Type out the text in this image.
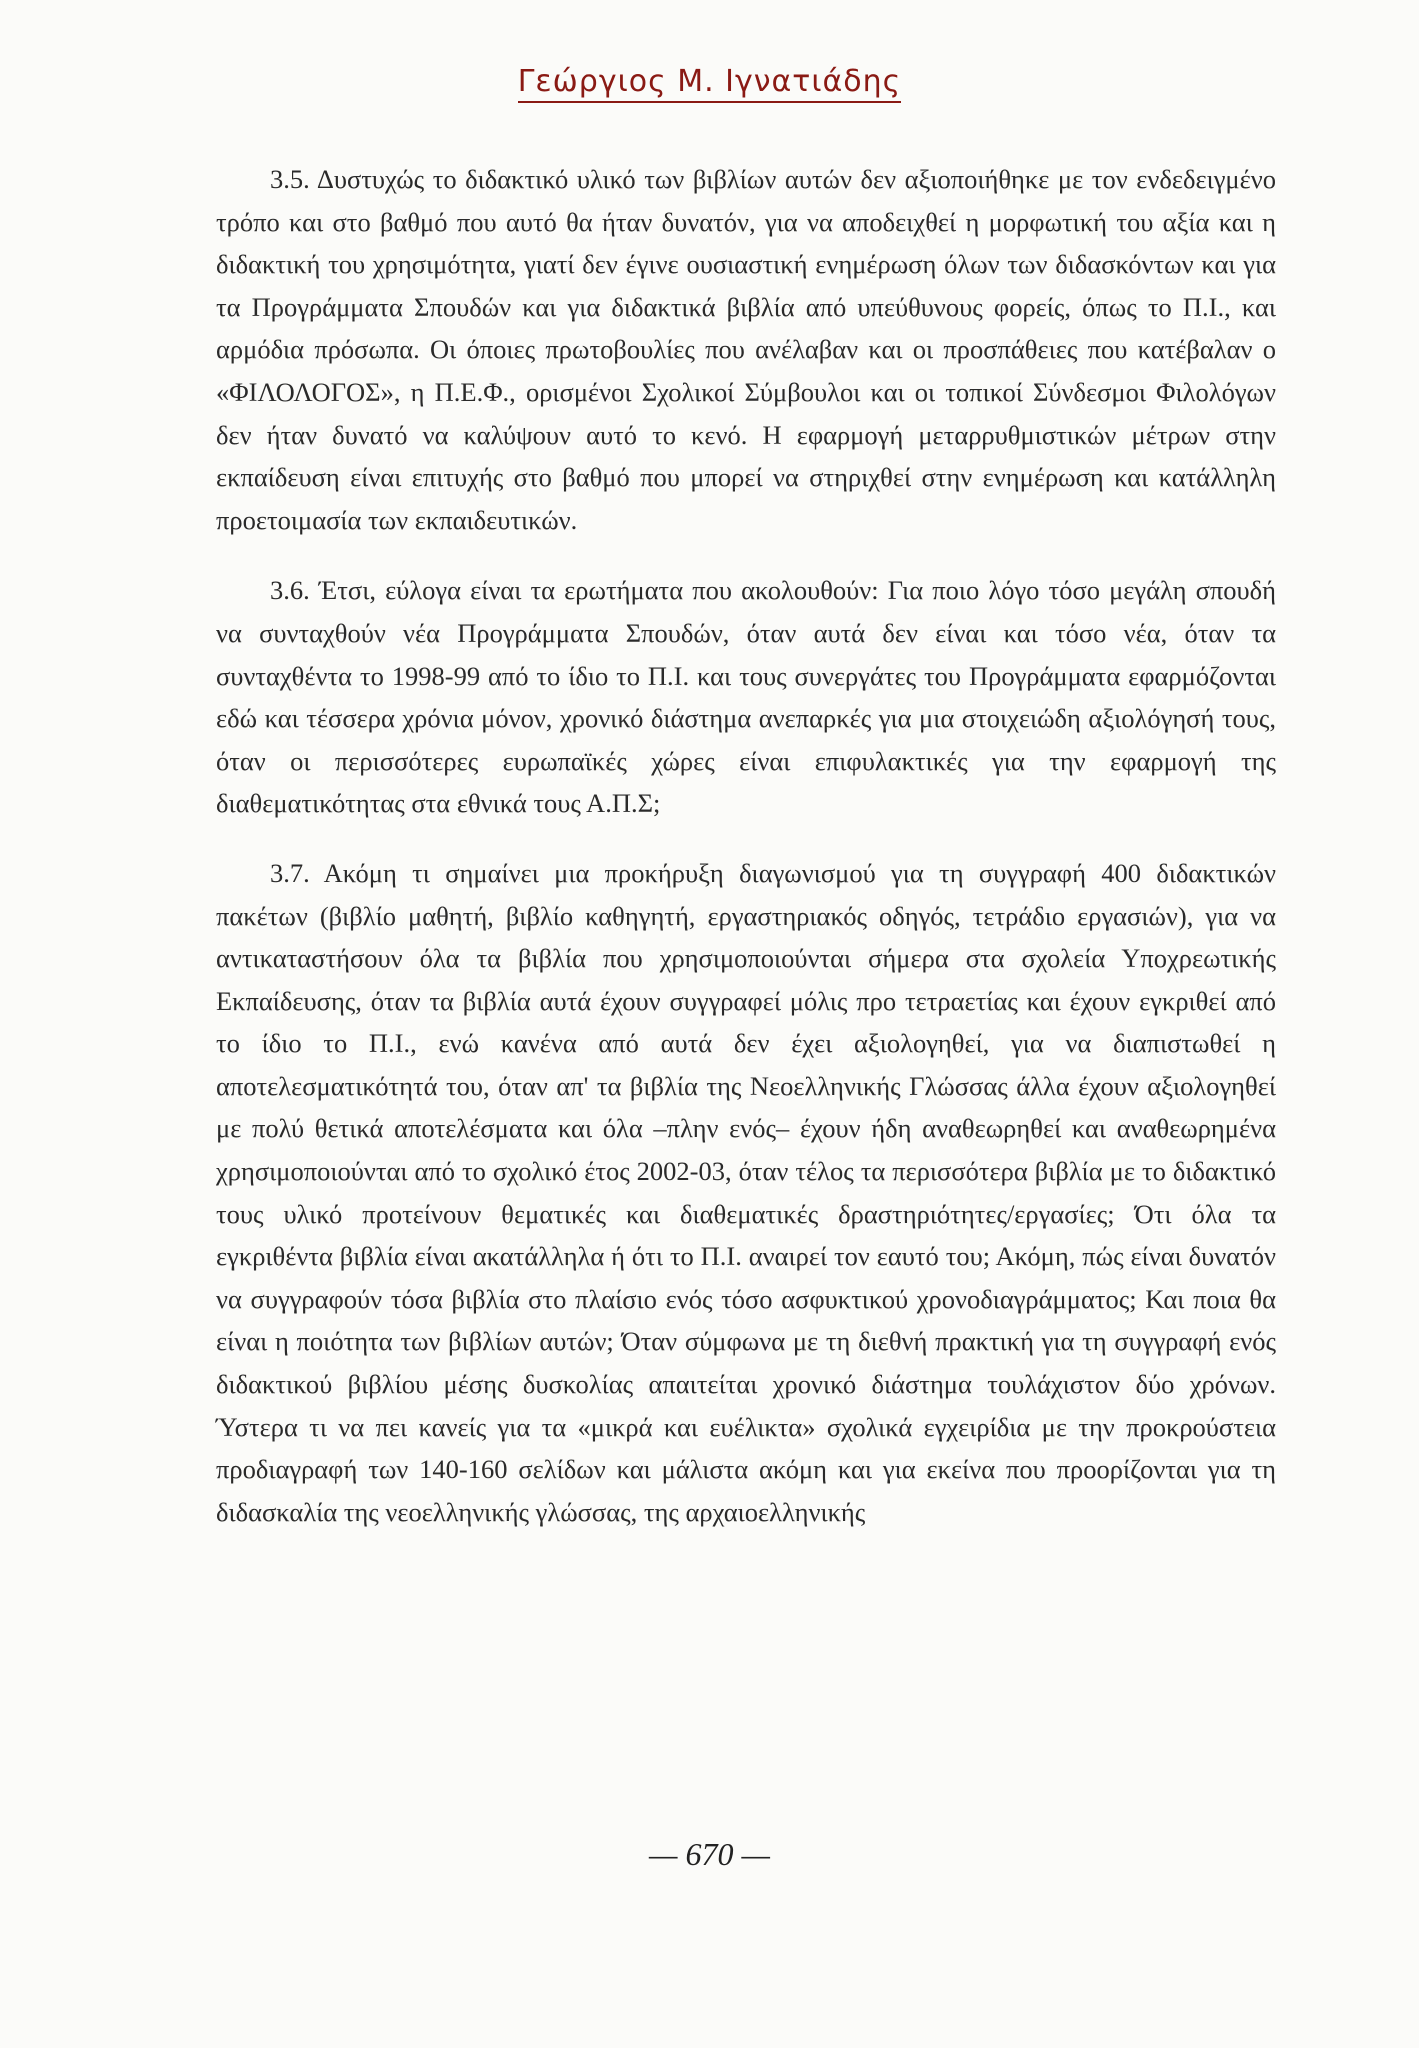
Γεώργιος Μ. Ιγνατιάδης

3.5. Δυστυχώς το διδακτικό υλικό των βιβλίων αυτών δεν αξιοποιήθηκε με τον ενδεδειγμένο τρόπο και στο βαθμό που αυτό θα ήταν δυνατόν, για να αποδειχθεί η μορφωτική του αξία και η διδακτική του χρησιμότητα, γιατί δεν έγινε ουσιαστική ενημέρωση όλων των διδασκόντων και για τα Προγράμματα Σπουδών και για διδακτικά βιβλία από υπεύθυνους φορείς, όπως το Π.Ι., και αρμόδια πρόσωπα. Οι όποιες πρωτοβουλίες που ανέλαβαν και οι προσπάθειες που κατέβαλαν ο «ΦΙΛΟΛΟΓΟΣ», η Π.Ε.Φ., ορισμένοι Σχολικοί Σύμβουλοι και οι τοπικοί Σύνδεσμοι Φιλολόγων δεν ήταν δυνατό να καλύψουν αυτό το κενό. Η εφαρμογή μεταρρυθμιστικών μέτρων στην εκπαίδευση είναι επιτυχής στο βαθμό που μπορεί να στηριχθεί στην ενημέρωση και κατάλληλη προετοιμασία των εκπαιδευτικών.

3.6. Έτσι, εύλογα είναι τα ερωτήματα που ακολουθούν: Για ποιο λόγο τόσο μεγάλη σπουδή να συνταχθούν νέα Προγράμματα Σπουδών, όταν αυτά δεν είναι και τόσο νέα, όταν τα συνταχθέντα το 1998-99 από το ίδιο το Π.Ι. και τους συνεργάτες του Προγράμματα εφαρμόζονται εδώ και τέσσερα χρόνια μόνον, χρονικό διάστημα ανεπαρκές για μια στοιχειώδη αξιολόγησή τους, όταν οι περισσότερες ευρωπαϊκές χώρες είναι επιφυλακτικές για την εφαρμογή της διαθεματικότητας στα εθνικά τους Α.Π.Σ;

3.7. Ακόμη τι σημαίνει μια προκήρυξη διαγωνισμού για τη συγγραφή 400 διδακτικών πακέτων (βιβλίο μαθητή, βιβλίο καθηγητή, εργαστηριακός οδηγός, τετράδιο εργασιών), για να αντικαταστήσουν όλα τα βιβλία που χρησιμοποιούνται σήμερα στα σχολεία Υποχρεωτικής Εκπαίδευσης, όταν τα βιβλία αυτά έχουν συγγραφεί μόλις προ τετραετίας και έχουν εγκριθεί από το ίδιο το Π.Ι., ενώ κανένα από αυτά δεν έχει αξιολογηθεί, για να διαπιστωθεί η αποτελεσματικότητά του, όταν απ' τα βιβλία της Νεοελληνικής Γλώσσας άλλα έχουν αξιολογηθεί με πολύ θετικά αποτελέσματα και όλα –πλην ενός– έχουν ήδη αναθεωρηθεί και αναθεωρημένα χρησιμοποιούνται από το σχολικό έτος 2002-03, όταν τέλος τα περισσότερα βιβλία με το διδακτικό τους υλικό προτείνουν θεματικές και διαθεματικές δραστηριότητες/εργασίες; Ότι όλα τα εγκριθέντα βιβλία είναι ακατάλληλα ή ότι το Π.Ι. αναιρεί τον εαυτό του; Ακόμη, πώς είναι δυνατόν να συγγραφούν τόσα βιβλία στο πλαίσιο ενός τόσο ασφυκτικού χρονοδιαγράμματος; Και ποια θα είναι η ποιότητα των βιβλίων αυτών; Όταν σύμφωνα με τη διεθνή πρακτική για τη συγγραφή ενός διδακτικού βιβλίου μέσης δυσκολίας απαιτείται χρονικό διάστημα τουλάχιστον δύο χρόνων. Ύστερα τι να πει κανείς για τα «μικρά και ευέλικτα» σχολικά εγχειρίδια με την προκρούστεια προδιαγραφή των 140-160 σελίδων και μάλιστα ακόμη και για εκείνα που προορίζονται για τη διδασκαλία της νεοελληνικής γλώσσας, της αρχαιοελληνικής

— 670 —
